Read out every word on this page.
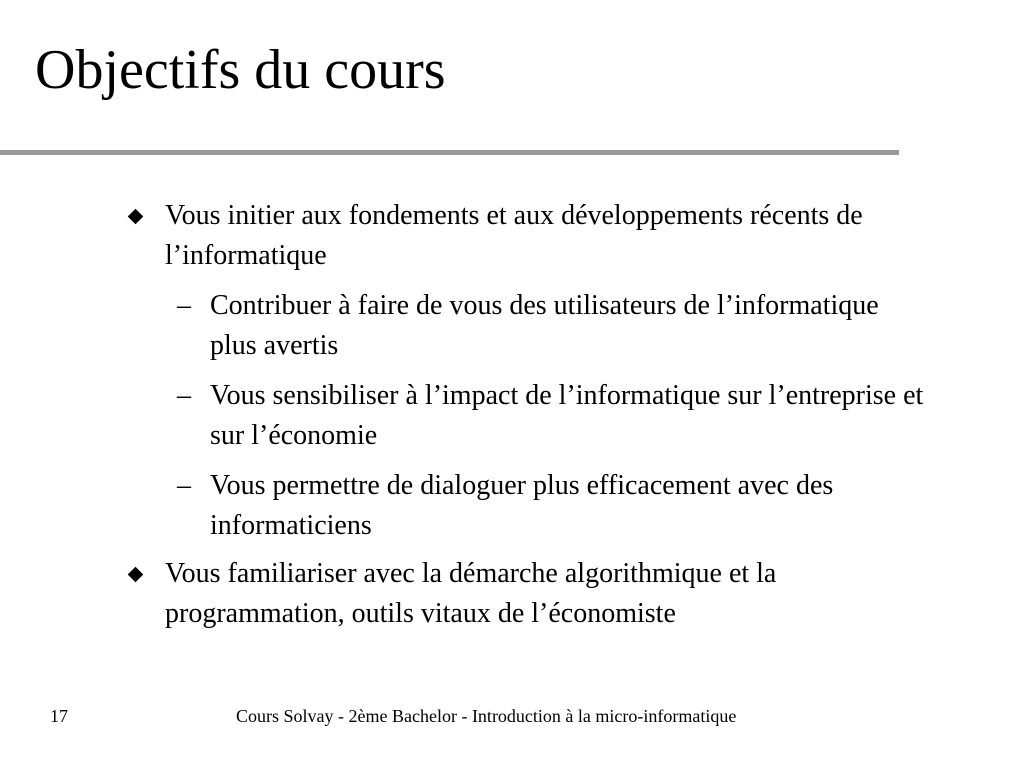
Objectifs du cours
Vous initier aux fondements et aux développements récents de l’informatique
– Contribuer à faire de vous des utilisateurs de l’informatique plus avertis
– Vous sensibiliser à l’impact de l’informatique sur l’entreprise et sur l’économie
– Vous permettre de dialoguer plus efficacement avec des informaticiens
Vous familiariser avec la démarche algorithmique et la programmation, outils vitaux de l’économiste
17	Cours Solvay - 2ème Bachelor - Introduction à la micro-informatique
